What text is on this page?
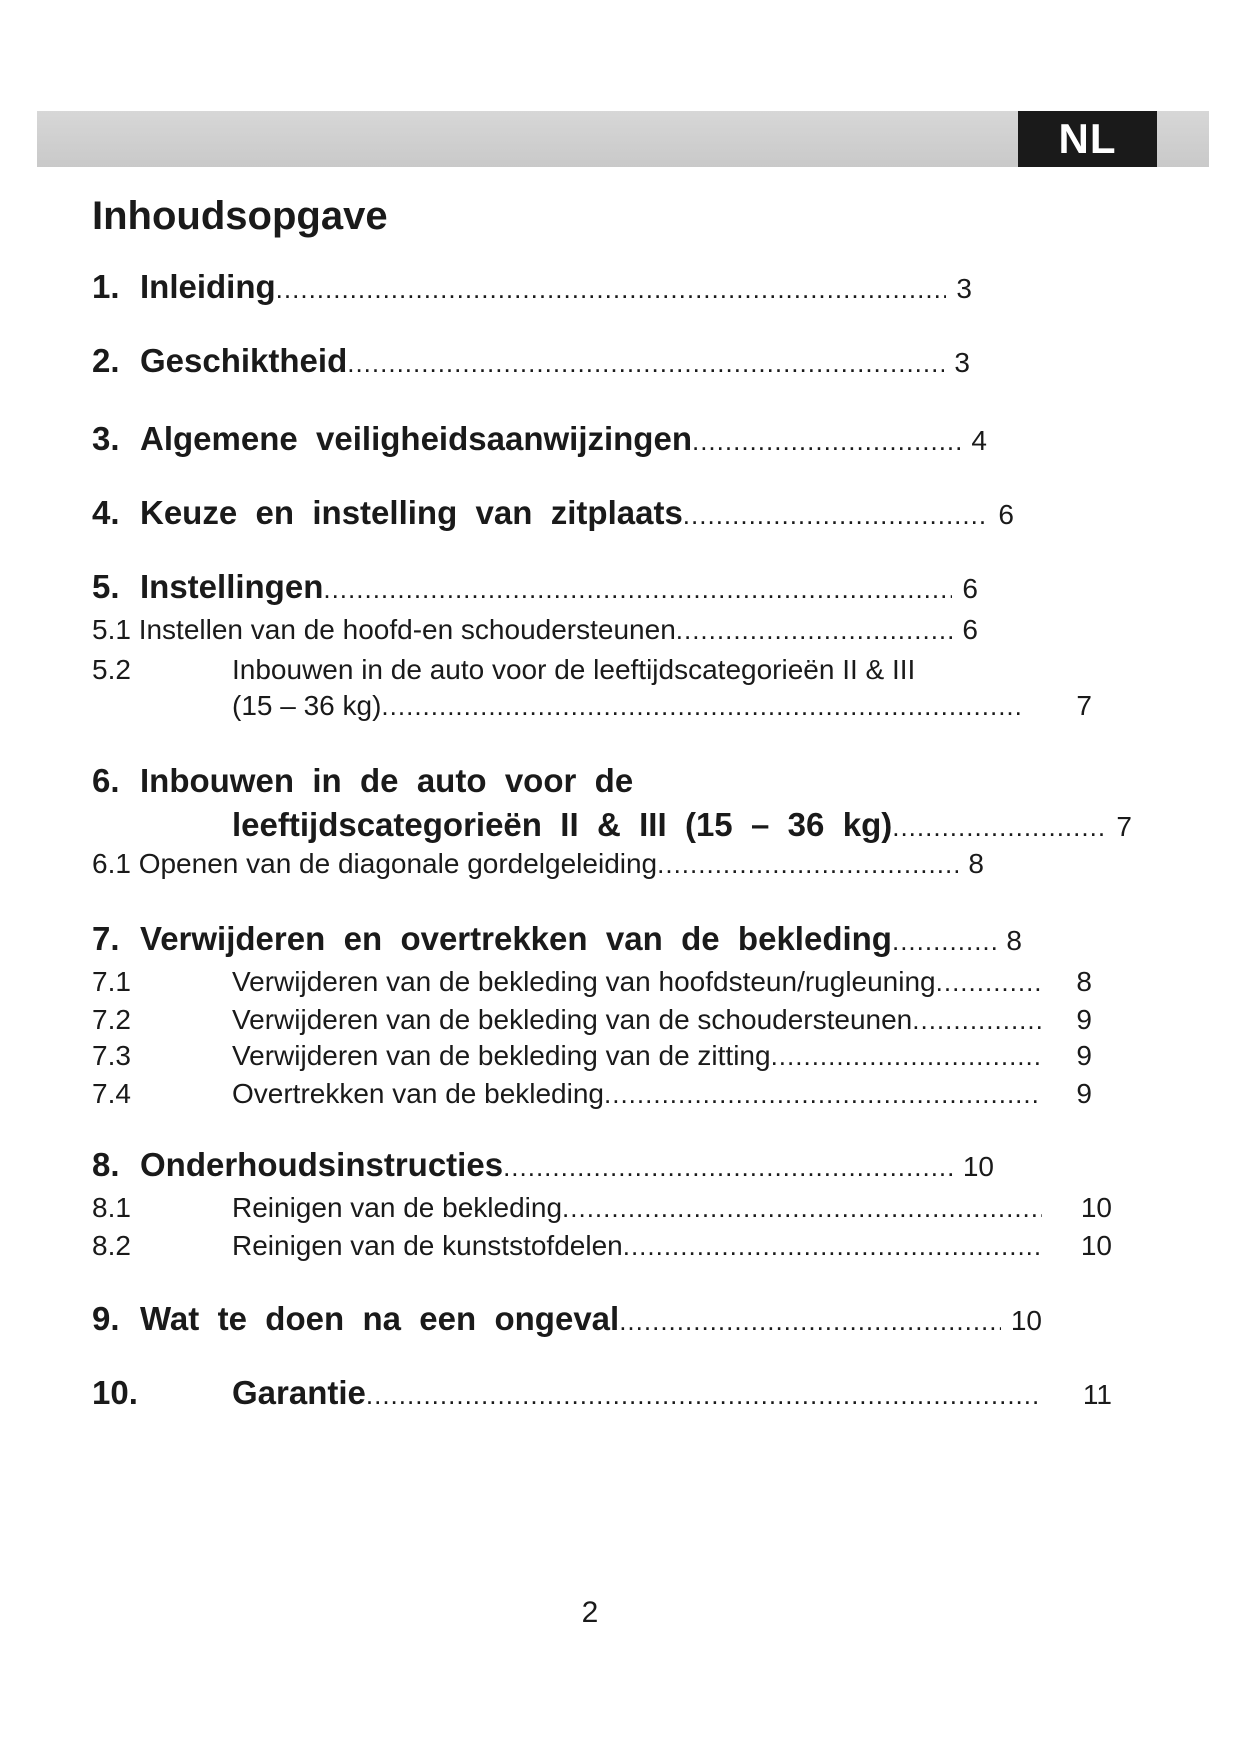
NL
Inhoudsopgave
1. Inleiding .....	3
2. Geschiktheid .....	3
3. Algemene  veiligheidsaanwijzingen .....	4
4. Keuze  en  instelling  van  zitplaats .....	6
5. Instellingen .....	6
5.1 Instellen van de hoofd-en schoudersteunen .....	6
5.2	Inbouwen in de auto voor de leeftijdscategorieën II & III
(15 – 36 kg) .....	7
6. Inbouwen  in  de  auto  voor  de
leeftijdscategorieën  II  &  III  (15  –  36  kg) .....	7
6.1 Openen van de diagonale gordelgeleiding .....	8
7. Verwijderen  en  overtrekken  van  de  bekleding .....	8
7.1	Verwijderen van de bekleding van hoofdsteun/rugleuning .....	8
7.2	Verwijderen van de bekleding van de schoudersteunen .....	9
7.3	Verwijderen van de bekleding van de zitting .....	9
7.4	Overtrekken van de bekleding .....	9
8. Onderhoudsinstructies .....	10
8.1	Reinigen van de bekleding .....	10
8.2	Reinigen van de kunststofdelen .....	10
9. Wat  te  doen  na  een  ongeval .....	10
10.	Garantie .....	11
2
